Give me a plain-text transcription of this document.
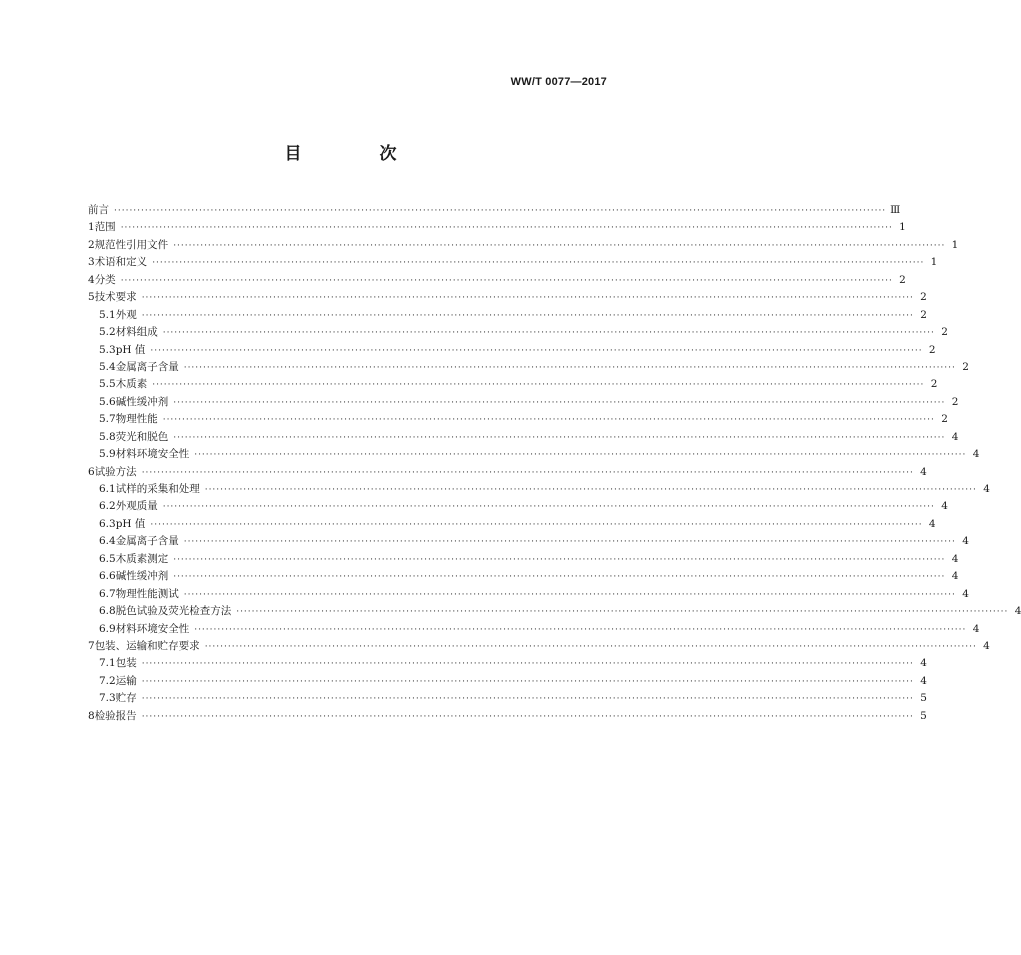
WW/T 0077—2017
目 次
前言 ········································································································································································································ Ⅲ
1 范围 ········································································································································································································ 1
2 规范性引用文件 ········································································································································································································ 1
3 术语和定义 ········································································································································································································ 1
4 分类 ········································································································································································································ 2
5 技术要求 ········································································································································································································ 2
5.1 外观 ········································································································································································································ 2
5.2 材料组成 ········································································································································································································ 2
5.3 pH 值 ········································································································································································································ 2
5.4 金属离子含量 ········································································································································································································ 2
5.5 木质素 ········································································································································································································ 2
5.6 碱性缓冲剂 ········································································································································································································ 2
5.7 物理性能 ········································································································································································································ 2
5.8 荧光和脱色 ········································································································································································································ 4
5.9 材料环境安全性 ········································································································································································································ 4
6 试验方法 ········································································································································································································ 4
6.1 试样的采集和处理 ········································································································································································································ 4
6.2 外观质量 ········································································································································································································ 4
6.3 pH 值 ········································································································································································································ 4
6.4 金属离子含量 ········································································································································································································ 4
6.5 木质素测定 ········································································································································································································ 4
6.6 碱性缓冲剂 ········································································································································································································ 4
6.7 物理性能测试 ········································································································································································································ 4
6.8 脱色试验及荧光检查方法 ········································································································································································································ 4
6.9 材料环境安全性 ········································································································································································································ 4
7 包装、运输和贮存要求 ········································································································································································································ 4
7.1 包装 ········································································································································································································ 4
7.2 运输 ········································································································································································································ 4
7.3 贮存 ········································································································································································································ 5
8 检验报告 ········································································································································································································ 5
